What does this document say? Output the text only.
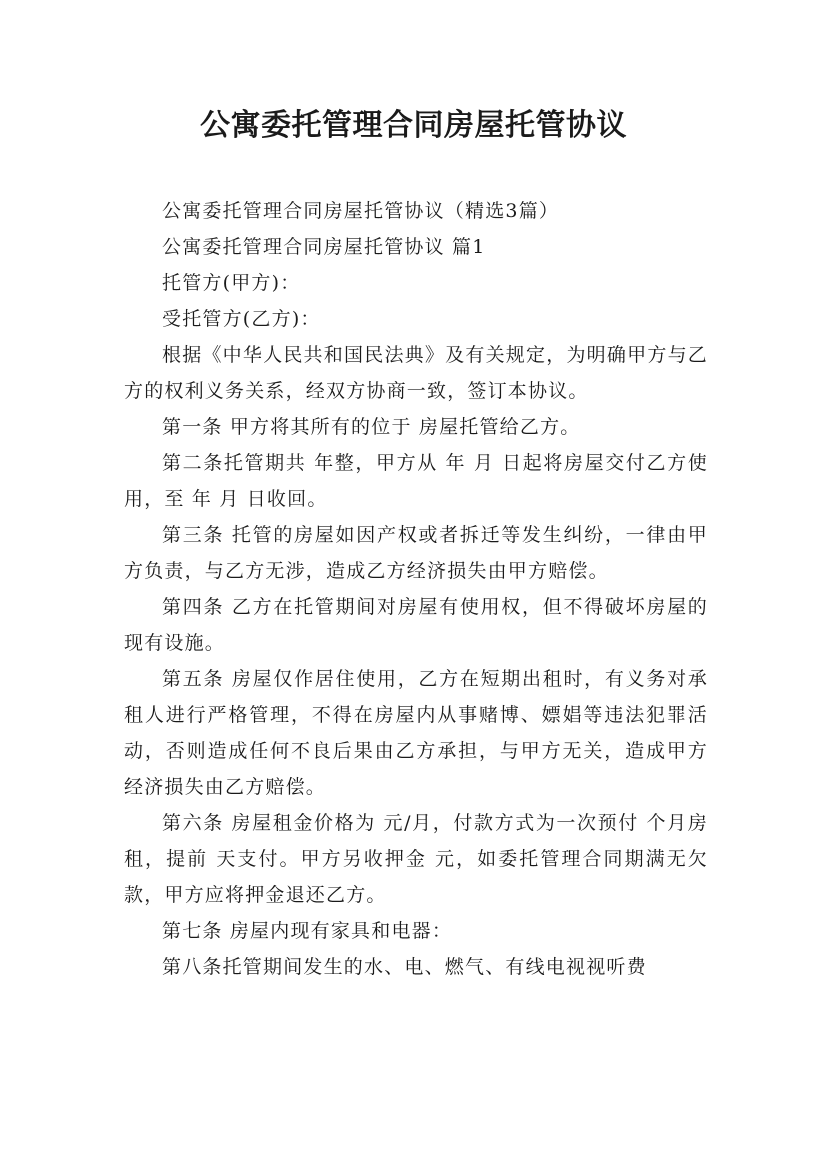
公寓委托管理合同房屋托管协议

公寓委托管理合同房屋托管协议（精选3篇）

公寓委托管理合同房屋托管协议 篇1

托管方(甲方)：

受托管方(乙方)：

根据《中华人民共和国民法典》及有关规定，为明确甲方与乙方的权利义务关系，经双方协商一致，签订本协议。

第一条 甲方将其所有的位于 房屋托管给乙方。

第二条托管期共 年整，甲方从 年 月 日起将房屋交付乙方使用，至 年 月 日收回。

第三条 托管的房屋如因产权或者拆迁等发生纠纷，一律由甲方负责，与乙方无涉，造成乙方经济损失由甲方赔偿。

第四条 乙方在托管期间对房屋有使用权，但不得破坏房屋的现有设施。

第五条 房屋仅作居住使用，乙方在短期出租时，有义务对承租人进行严格管理，不得在房屋内从事赌博、嫖娼等违法犯罪活动，否则造成任何不良后果由乙方承担，与甲方无关，造成甲方经济损失由乙方赔偿。

第六条 房屋租金价格为 元/月，付款方式为一次预付 个月房租，提前 天支付。甲方另收押金 元，如委托管理合同期满无欠款，甲方应将押金退还乙方。

第七条 房屋内现有家具和电器：

第八条托管期间发生的水、电、燃气、有线电视视听费
